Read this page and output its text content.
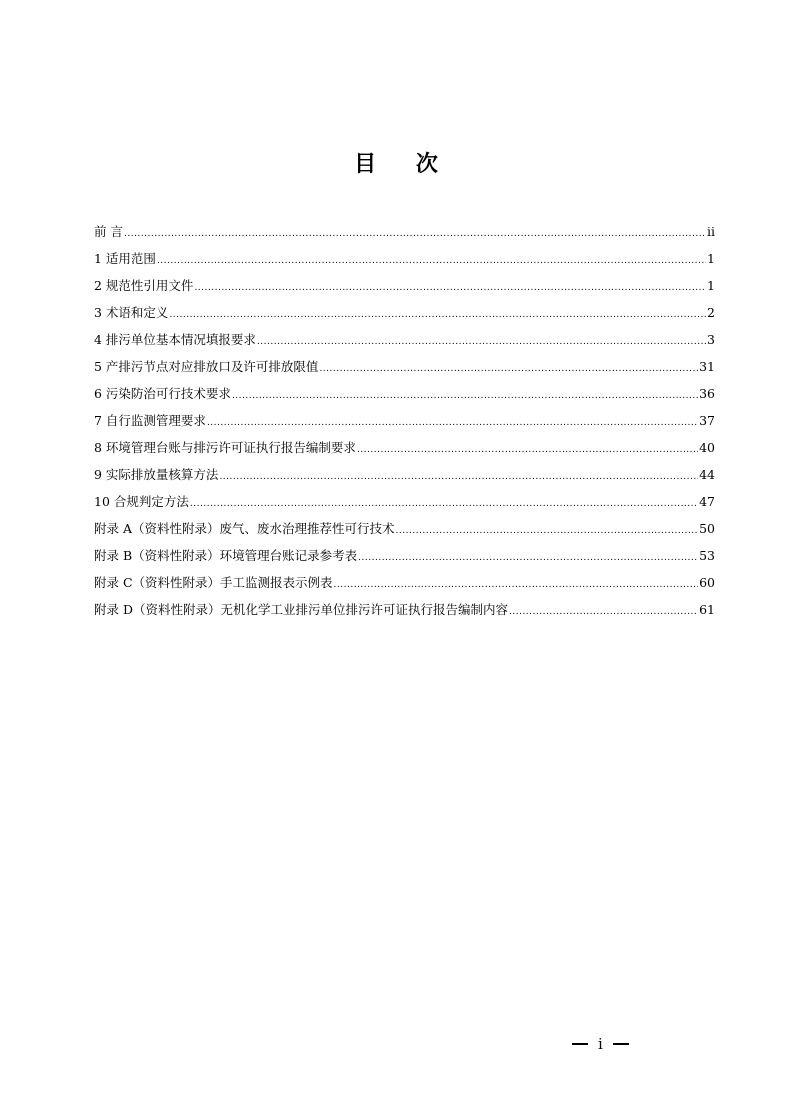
目 次
前 言 .....	ii
1 适用范围 .....	1
2 规范性引用文件 .....	1
3 术语和定义 .....	2
4 排污单位基本情况填报要求 .....	3
5 产排污节点对应排放口及许可排放限值 .....	31
6 污染防治可行技术要求 .....	36
7 自行监测管理要求 .....	37
8 环境管理台账与排污许可证执行报告编制要求 .....	40
9 实际排放量核算方法 .....	44
10 合规判定方法 .....	47
附录 A（资料性附录）废气、废水治理推荐性可行技术 .....	50
附录 B（资料性附录）环境管理台账记录参考表 .....	53
附录 C（资料性附录）手工监测报表示例表 .....	60
附录 D（资料性附录）无机化学工业排污单位排污许可证执行报告编制内容 .....	61
i
